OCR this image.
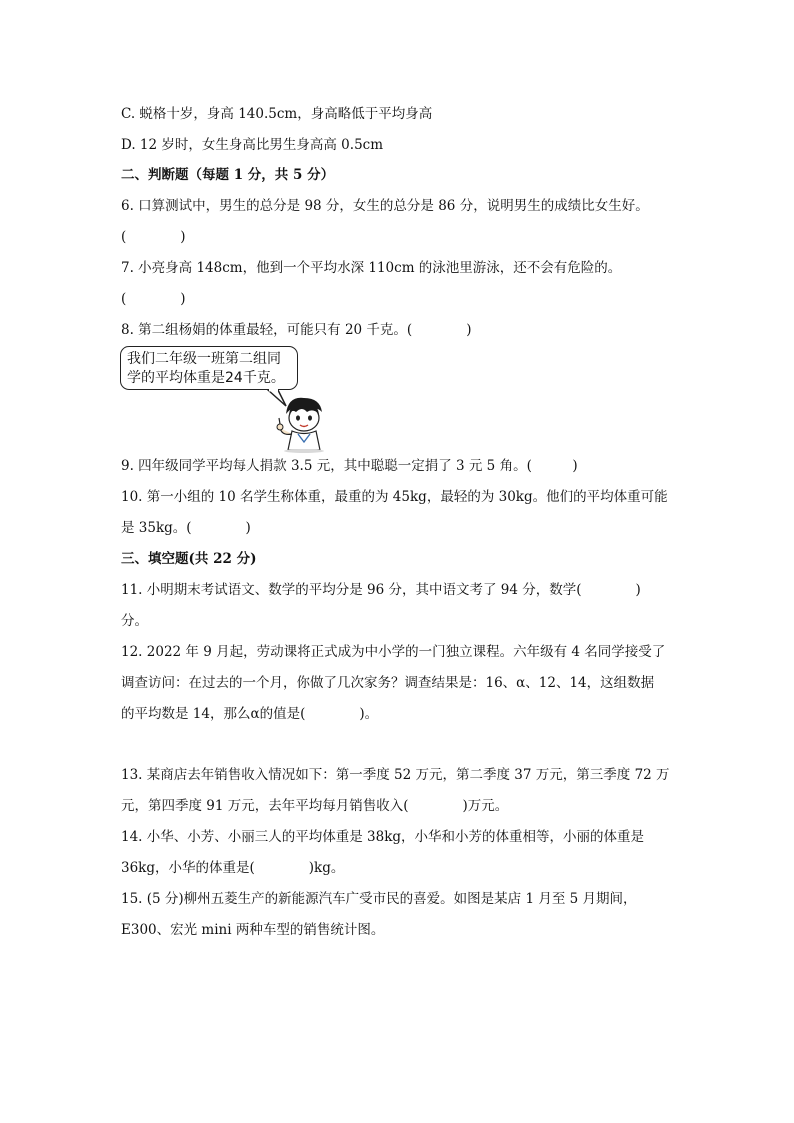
C. 蜕格十岁，身高 140.5cm，身高略低于平均身高
D. 12 岁时，女生身高比男生身高高 0.5cm
二、判断题（每题 1 分，共 5 分）
6. 口算测试中，男生的总分是 98 分，女生的总分是 86 分，说明男生的成绩比女生好。
(　　　　)
7. 小亮身高 148cm，他到一个平均水深 110cm 的泳池里游泳，还不会有危险的。
(　　　　)
8. 第二组杨娟的体重最轻，可能只有 20 千克。(　　　　)
我们二年级一班第二组同
学的平均体重是24千克。
9. 四年级同学平均每人捐款 3.5 元，其中聪聪一定捐了 3 元 5 角。(　　　)
10. 第一小组的 10 名学生称体重，最重的为 45kg，最轻的为 30kg。他们的平均体重可能
是 35kg。(　　　　)
三、填空题(共 22 分)
11. 小明期末考试语文、数学的平均分是 96 分，其中语文考了 94 分，数学(　　　　)
分。
12. 2022 年 9 月起，劳动课将正式成为中小学的一门独立课程。六年级有 4 名同学接受了
调查访问：在过去的一个月，你做了几次家务？调查结果是：16、α、12、14，这组数据
的平均数是 14，那么α的值是(　　　　)。
13. 某商店去年销售收入情况如下：第一季度 52 万元，第二季度 37 万元，第三季度 72 万
元，第四季度 91 万元，去年平均每月销售收入(　　　　)万元。
14. 小华、小芳、小丽三人的平均体重是 38kg，小华和小芳的体重相等，小丽的体重是
36kg，小华的体重是(　　　　)kg。
15. (5 分)柳州五菱生产的新能源汽车广受市民的喜爱。如图是某店 1 月至 5 月期间，
E300、宏光 mini 两种车型的销售统计图。
